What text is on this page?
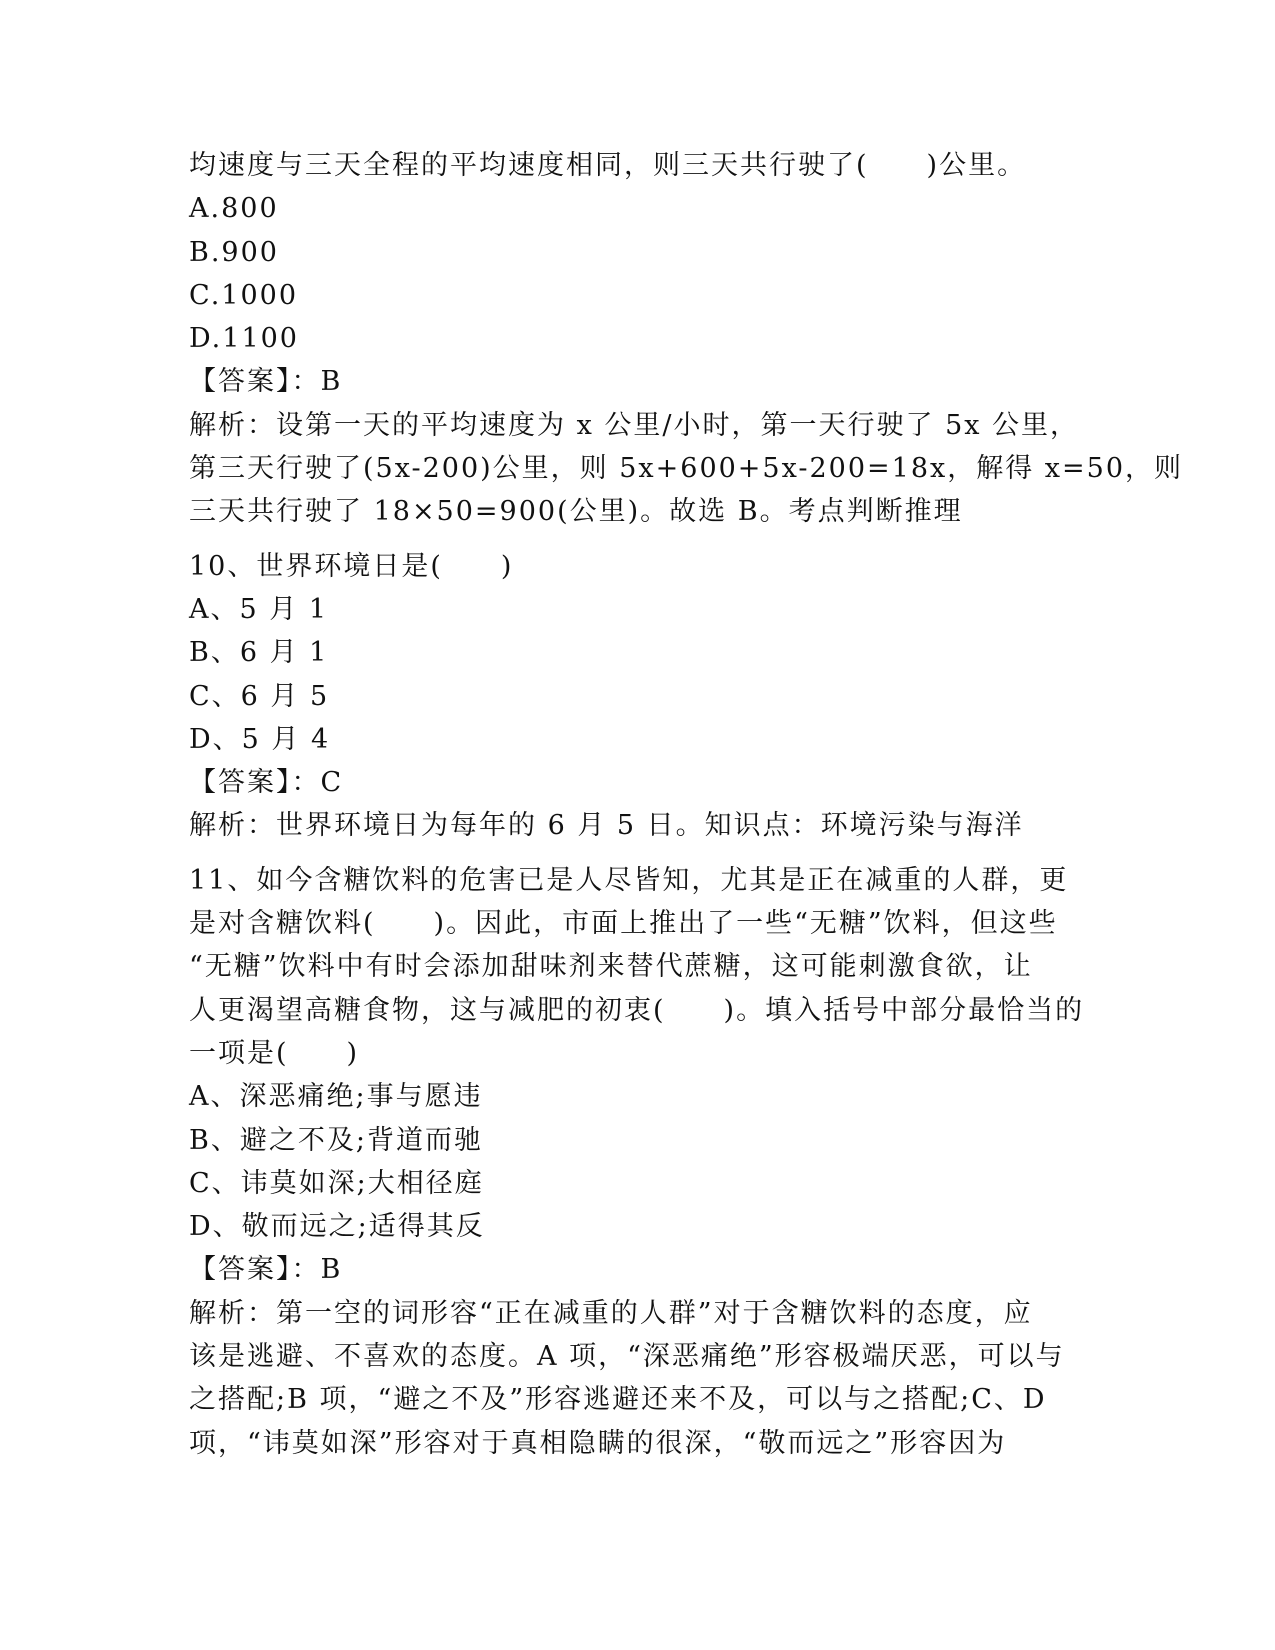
均速度与三天全程的平均速度相同，则三天共行驶了(　　)公里。
A.800
B.900
C.1000
D.1100
【答案】：B
解析：设第一天的平均速度为 x 公里/小时，第一天行驶了 5x 公里，
第三天行驶了(5x-200)公里，则 5x+600+5x-200=18x，解得 x=50，则
三天共行驶了 18×50=900(公里)。故选 B。考点判断推理
10、世界环境日是(　　)
A、5 月 1
B、6 月 1
C、6 月 5
D、5 月 4
【答案】：C
解析：世界环境日为每年的 6 月 5 日。知识点：环境污染与海洋
11、如今含糖饮料的危害已是人尽皆知，尤其是正在减重的人群，更
是对含糖饮料(　　)。因此，市面上推出了一些“无糖”饮料，但这些
“无糖”饮料中有时会添加甜味剂来替代蔗糖，这可能刺激食欲，让
人更渴望高糖食物，这与减肥的初衷(　　)。填入括号中部分最恰当的
一项是(　　)
A、深恶痛绝;事与愿违
B、避之不及;背道而驰
C、讳莫如深;大相径庭
D、敬而远之;适得其反
【答案】：B
解析：第一空的词形容“正在减重的人群”对于含糖饮料的态度，应
该是逃避、不喜欢的态度。A 项，“深恶痛绝”形容极端厌恶，可以与
之搭配;B 项，“避之不及”形容逃避还来不及，可以与之搭配;C、D
项，“讳莫如深”形容对于真相隐瞒的很深，“敬而远之”形容因为
